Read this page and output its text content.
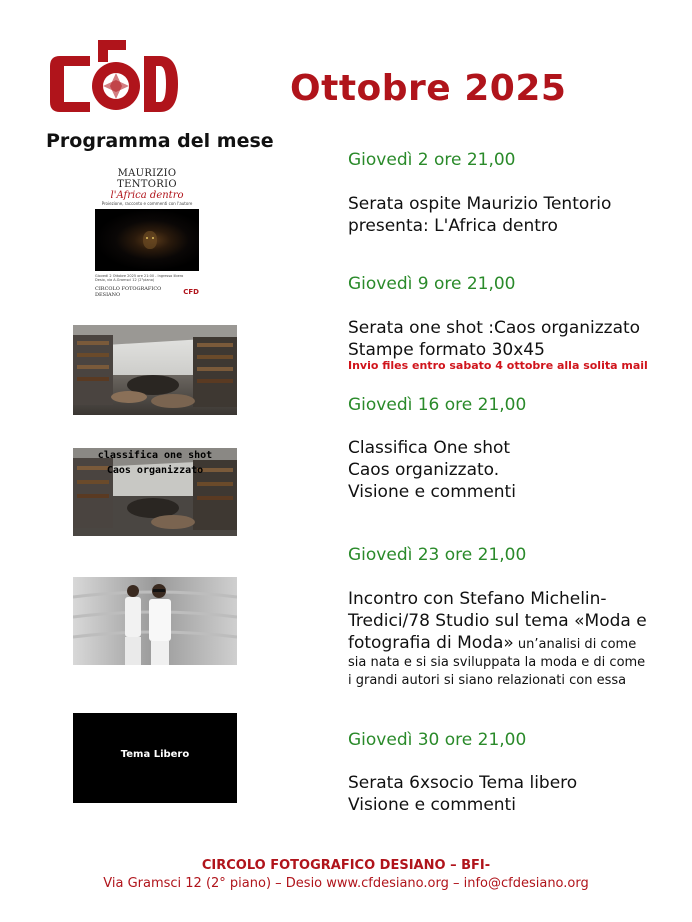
Ottobre 2025
Programma del mese
MAURIZIO TENTORIO
l'Africa dentro
Proiezione, racconto e commenti con l'autore
Giovedì 2 Ottobre 2025 ore 21:00 - Ingresso libero
Desio, via A.Gramsci 12 (2°piano)
CIRCOLO FOTOGRAFICO DESIANO	CFD
Giovedì 2 ore 21,00
Serata ospite Maurizio Tentorio
presenta: L'Africa dentro
Giovedì 9 ore 21,00
Serata one shot :Caos organizzato
Stampe formato 30x45
Invio files entro sabato 4 ottobre alla solita mail
classifica one shot
Caos organizzato
Giovedì 16 ore 21,00
Classifica One shot
Caos organizzato.
Visione e commenti
Giovedì 23 ore 21,00
Incontro con Stefano Michelin-
Tredici/78 Studio sul tema «Moda e
fotografia di Moda» un’analisi di come
sia nata e si sia sviluppata la moda e di come
i grandi autori si siano relazionati con essa
Tema Libero
Giovedì 30 ore 21,00
Serata 6xsocio Tema libero
Visione e commenti
CIRCOLO FOTOGRAFICO DESIANO – BFI-
Via Gramsci 12 (2° piano) – Desio www.cfdesiano.org – info@cfdesiano.org
